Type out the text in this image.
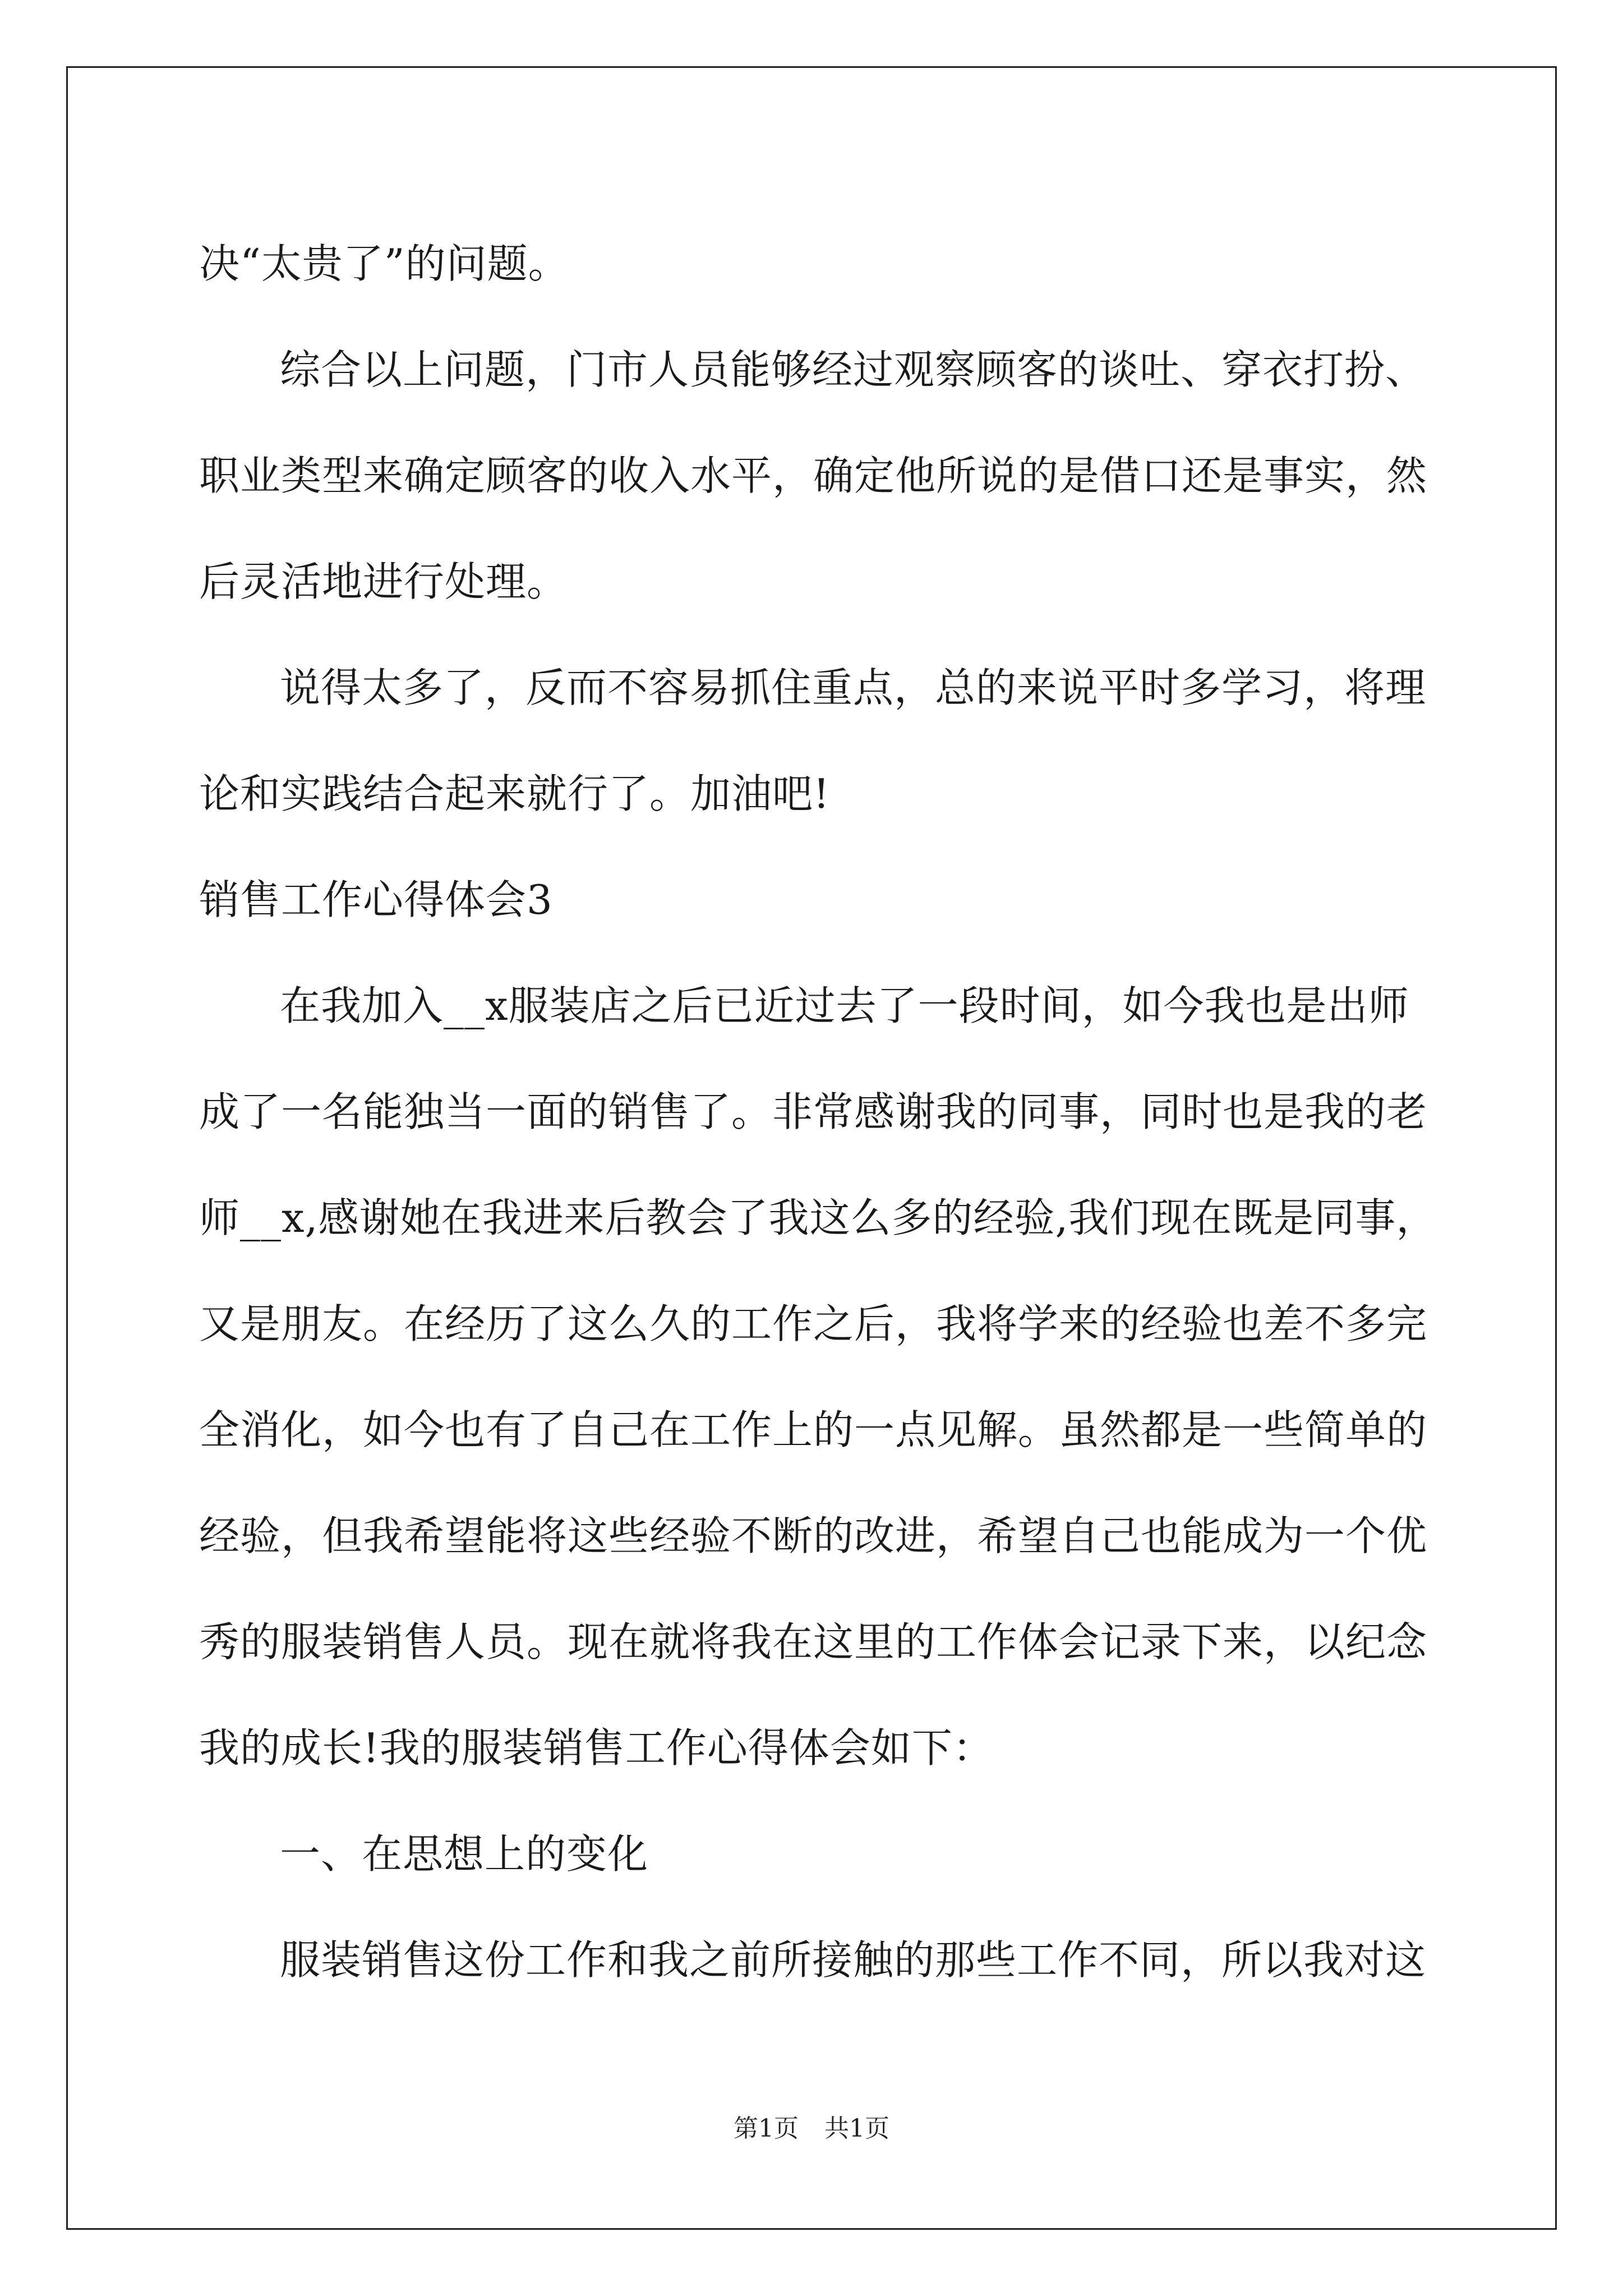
决“太贵了”的问题。
综合以上问题，门市人员能够经过观察顾客的谈吐、穿衣打扮、
职业类型来确定顾客的收入水平，确定他所说的是借口还是事实，然
后灵活地进行处理。
说得太多了，反而不容易抓住重点，总的来说平时多学习，将理
论和实践结合起来就行了。加油吧!
销售工作心得体会3
在我加入__x服装店之后已近过去了一段时间，如今我也是出师
成了一名能独当一面的销售了。非常感谢我的同事，同时也是我的老
师__x,感谢她在我进来后教会了我这么多的经验,我们现在既是同事，
又是朋友。在经历了这么久的工作之后，我将学来的经验也差不多完
全消化，如今也有了自己在工作上的一点见解。虽然都是一些简单的
经验，但我希望能将这些经验不断的改进，希望自己也能成为一个优
秀的服装销售人员。现在就将我在这里的工作体会记录下来，以纪念
我的成长!我的服装销售工作心得体会如下：
一、在思想上的变化
服装销售这份工作和我之前所接触的那些工作不同，所以我对这
第1页 共1页
